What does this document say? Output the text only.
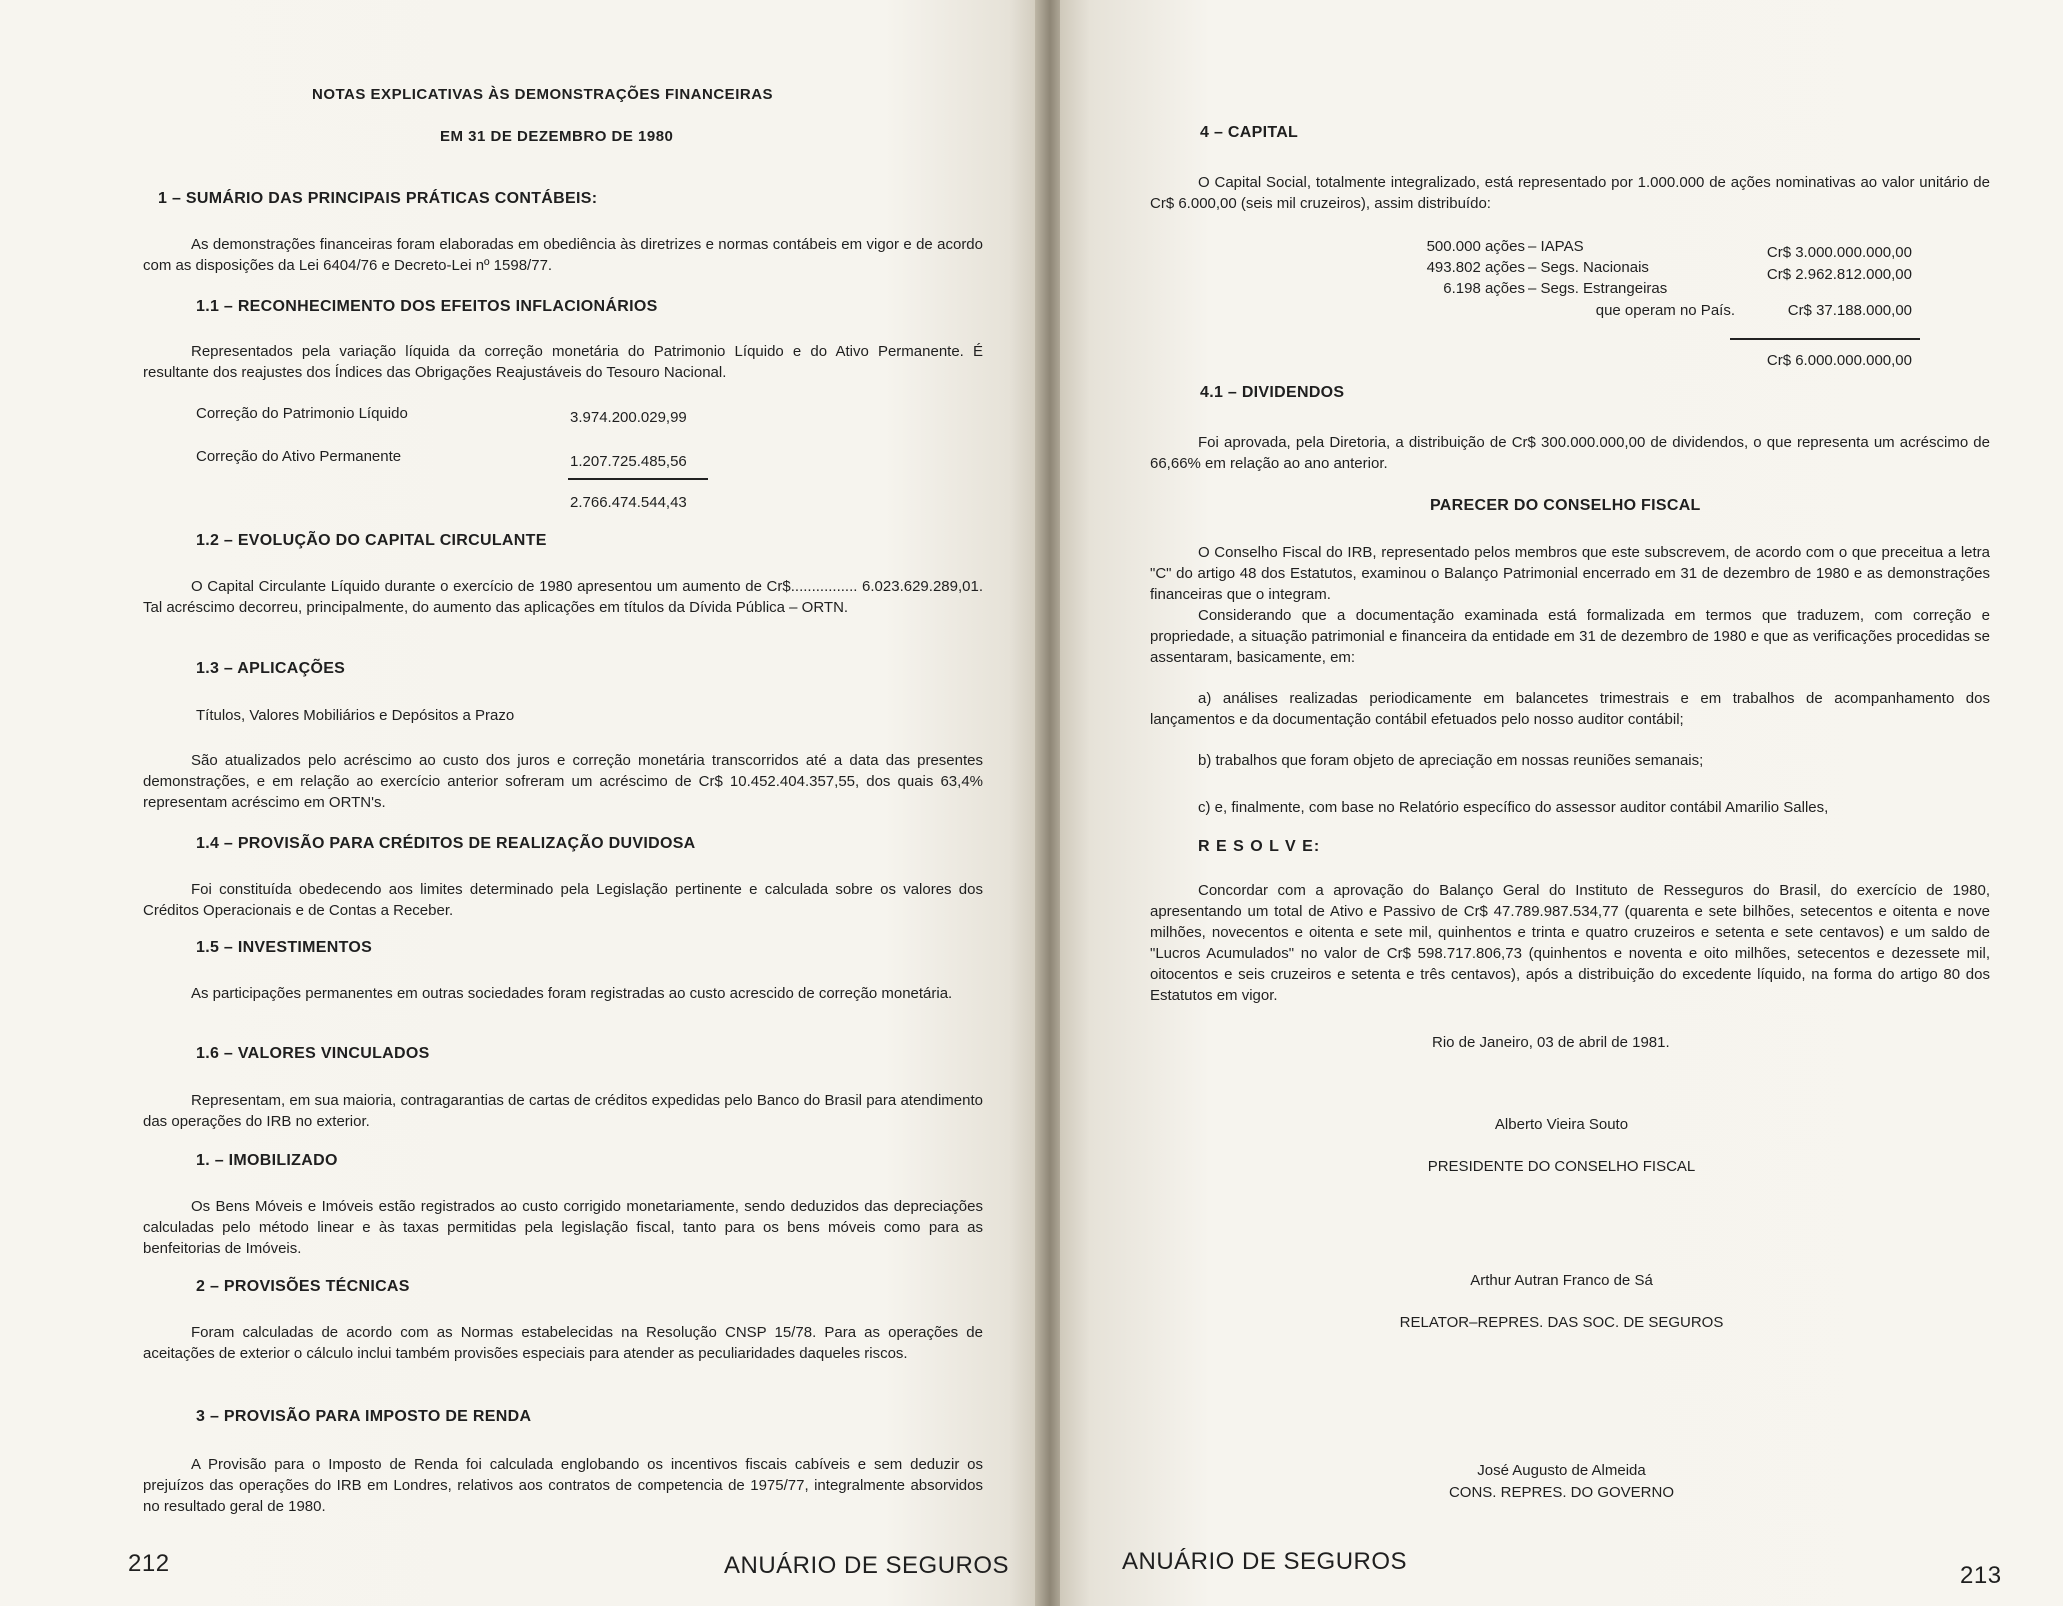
NOTAS EXPLICATIVAS ÀS DEMONSTRAÇÕES FINANCEIRAS
EM 31 DE DEZEMBRO DE 1980
1 – SUMÁRIO DAS PRINCIPAIS PRÁTICAS CONTÁBEIS:
As demonstrações financeiras foram elaboradas em obediência às diretrizes e normas contábeis em vigor e de acordo com as disposições da Lei 6404/76 e Decreto-Lei nº 1598/77.
1.1 – RECONHECIMENTO DOS EFEITOS INFLACIONÁRIOS
Representados pela variação líquida da correção monetária do Patrimonio Líquido e do Ativo Permanente. É resultante dos reajustes dos Índices das Obrigações Reajustáveis do Tesouro Nacional.
Correção do Patrimonio Líquido	3.974.200.029,99
Correção do Ativo Permanente	1.207.725.485,56
2.766.474.544,43
1.2 – EVOLUÇÃO DO CAPITAL CIRCULANTE
O Capital Circulante Líquido durante o exercício de 1980 apresentou um aumento de Cr$................ 6.023.629.289,01. Tal acréscimo decorreu, principalmente, do aumento das aplicações em títulos da Dívida Pública – ORTN.
1.3 – APLICAÇÕES
Títulos, Valores Mobiliários e Depósitos a Prazo
São atualizados pelo acréscimo ao custo dos juros e correção monetária transcorridos até a data das presentes demonstrações, e em relação ao exercício anterior sofreram um acréscimo de Cr$ 10.452.404.357,55, dos quais 63,4% representam acréscimo em ORTN's.
1.4 – PROVISÃO PARA CRÉDITOS DE REALIZAÇÃO DUVIDOSA
Foi constituída obedecendo aos limites determinado pela Legislação pertinente e calculada sobre os valores dos Créditos Operacionais e de Contas a Receber.
1.5 – INVESTIMENTOS
As participações permanentes em outras sociedades foram registradas ao custo acrescido de correção monetária.
1.6 – VALORES VINCULADOS
Representam, em sua maioria, contragarantias de cartas de créditos expedidas pelo Banco do Brasil para atendimento das operações do IRB no exterior.
1. – IMOBILIZADO
Os Bens Móveis e Imóveis estão registrados ao custo corrigido monetariamente, sendo deduzidos das depreciações calculadas pelo método linear e às taxas permitidas pela legislação fiscal, tanto para os bens móveis como para as benfeitorias de Imóveis.
2 – PROVISÕES TÉCNICAS
Foram calculadas de acordo com as Normas estabelecidas na Resolução CNSP 15/78. Para as operações de aceitações de exterior o cálculo inclui também provisões especiais para atender as peculiaridades daqueles riscos.
3 – PROVISÃO PARA IMPOSTO DE RENDA
A Provisão para o Imposto de Renda foi calculada englobando os incentivos fiscais cabíveis e sem deduzir os prejuízos das operações do IRB em Londres, relativos aos contratos de competencia de 1975/77, integralmente absorvidos no resultado geral de 1980.
212	ANUÁRIO DE SEGUROS
4 – CAPITAL
O Capital Social, totalmente integralizado, está representado por 1.000.000 de ações nominativas ao valor unitário de Cr$ 6.000,00 (seis mil cruzeiros), assim distribuído:
500.000 ações – IAPAS	Cr$ 3.000.000.000,00
493.802 ações – Segs. Nacionais	Cr$ 2.962.812.000,00
6.198 ações – Segs. Estrangeiras
que operam no País.	Cr$ 37.188.000,00
Cr$ 6.000.000.000,00
4.1 – DIVIDENDOS
Foi aprovada, pela Diretoria, a distribuição de Cr$ 300.000.000,00 de dividendos, o que representa um acréscimo de 66,66% em relação ao ano anterior.
PARECER DO CONSELHO FISCAL
O Conselho Fiscal do IRB, representado pelos membros que este subscrevem, de acordo com o que preceitua a letra "C" do artigo 48 dos Estatutos, examinou o Balanço Patrimonial encerrado em 31 de dezembro de 1980 e as demonstrações financeiras que o integram.
Considerando que a documentação examinada está formalizada em termos que traduzem, com correção e propriedade, a situação patrimonial e financeira da entidade em 31 de dezembro de 1980 e que as verificações procedidas se assentaram, basicamente, em:
a) análises realizadas periodicamente em balancetes trimestrais e em trabalhos de acompanhamento dos lançamentos e da documentação contábil efetuados pelo nosso auditor contábil;
b) trabalhos que foram objeto de apreciação em nossas reuniões semanais;
c) e, finalmente, com base no Relatório específico do assessor auditor contábil Amarilio Salles,
R E S O L V E:
Concordar com a aprovação do Balanço Geral do Instituto de Resseguros do Brasil, do exercício de 1980, apresentando um total de Ativo e Passivo de Cr$ 47.789.987.534,77 (quarenta e sete bilhões, setecentos e oitenta e nove milhões, novecentos e oitenta e sete mil, quinhentos e trinta e quatro cruzeiros e setenta e sete centavos) e um saldo de "Lucros Acumulados" no valor de Cr$ 598.717.806,73 (quinhentos e noventa e oito milhões, setecentos e dezessete mil, oitocentos e seis cruzeiros e setenta e três centavos), após a distribuição do excedente líquido, na forma do artigo 80 dos Estatutos em vigor.
Rio de Janeiro, 03 de abril de 1981.
Alberto Vieira Souto
PRESIDENTE DO CONSELHO FISCAL
Arthur Autran Franco de Sá
RELATOR–REPRES. DAS SOC. DE SEGUROS
José Augusto de Almeida
CONS. REPRES. DO GOVERNO
ANUÁRIO DE SEGUROS
213
